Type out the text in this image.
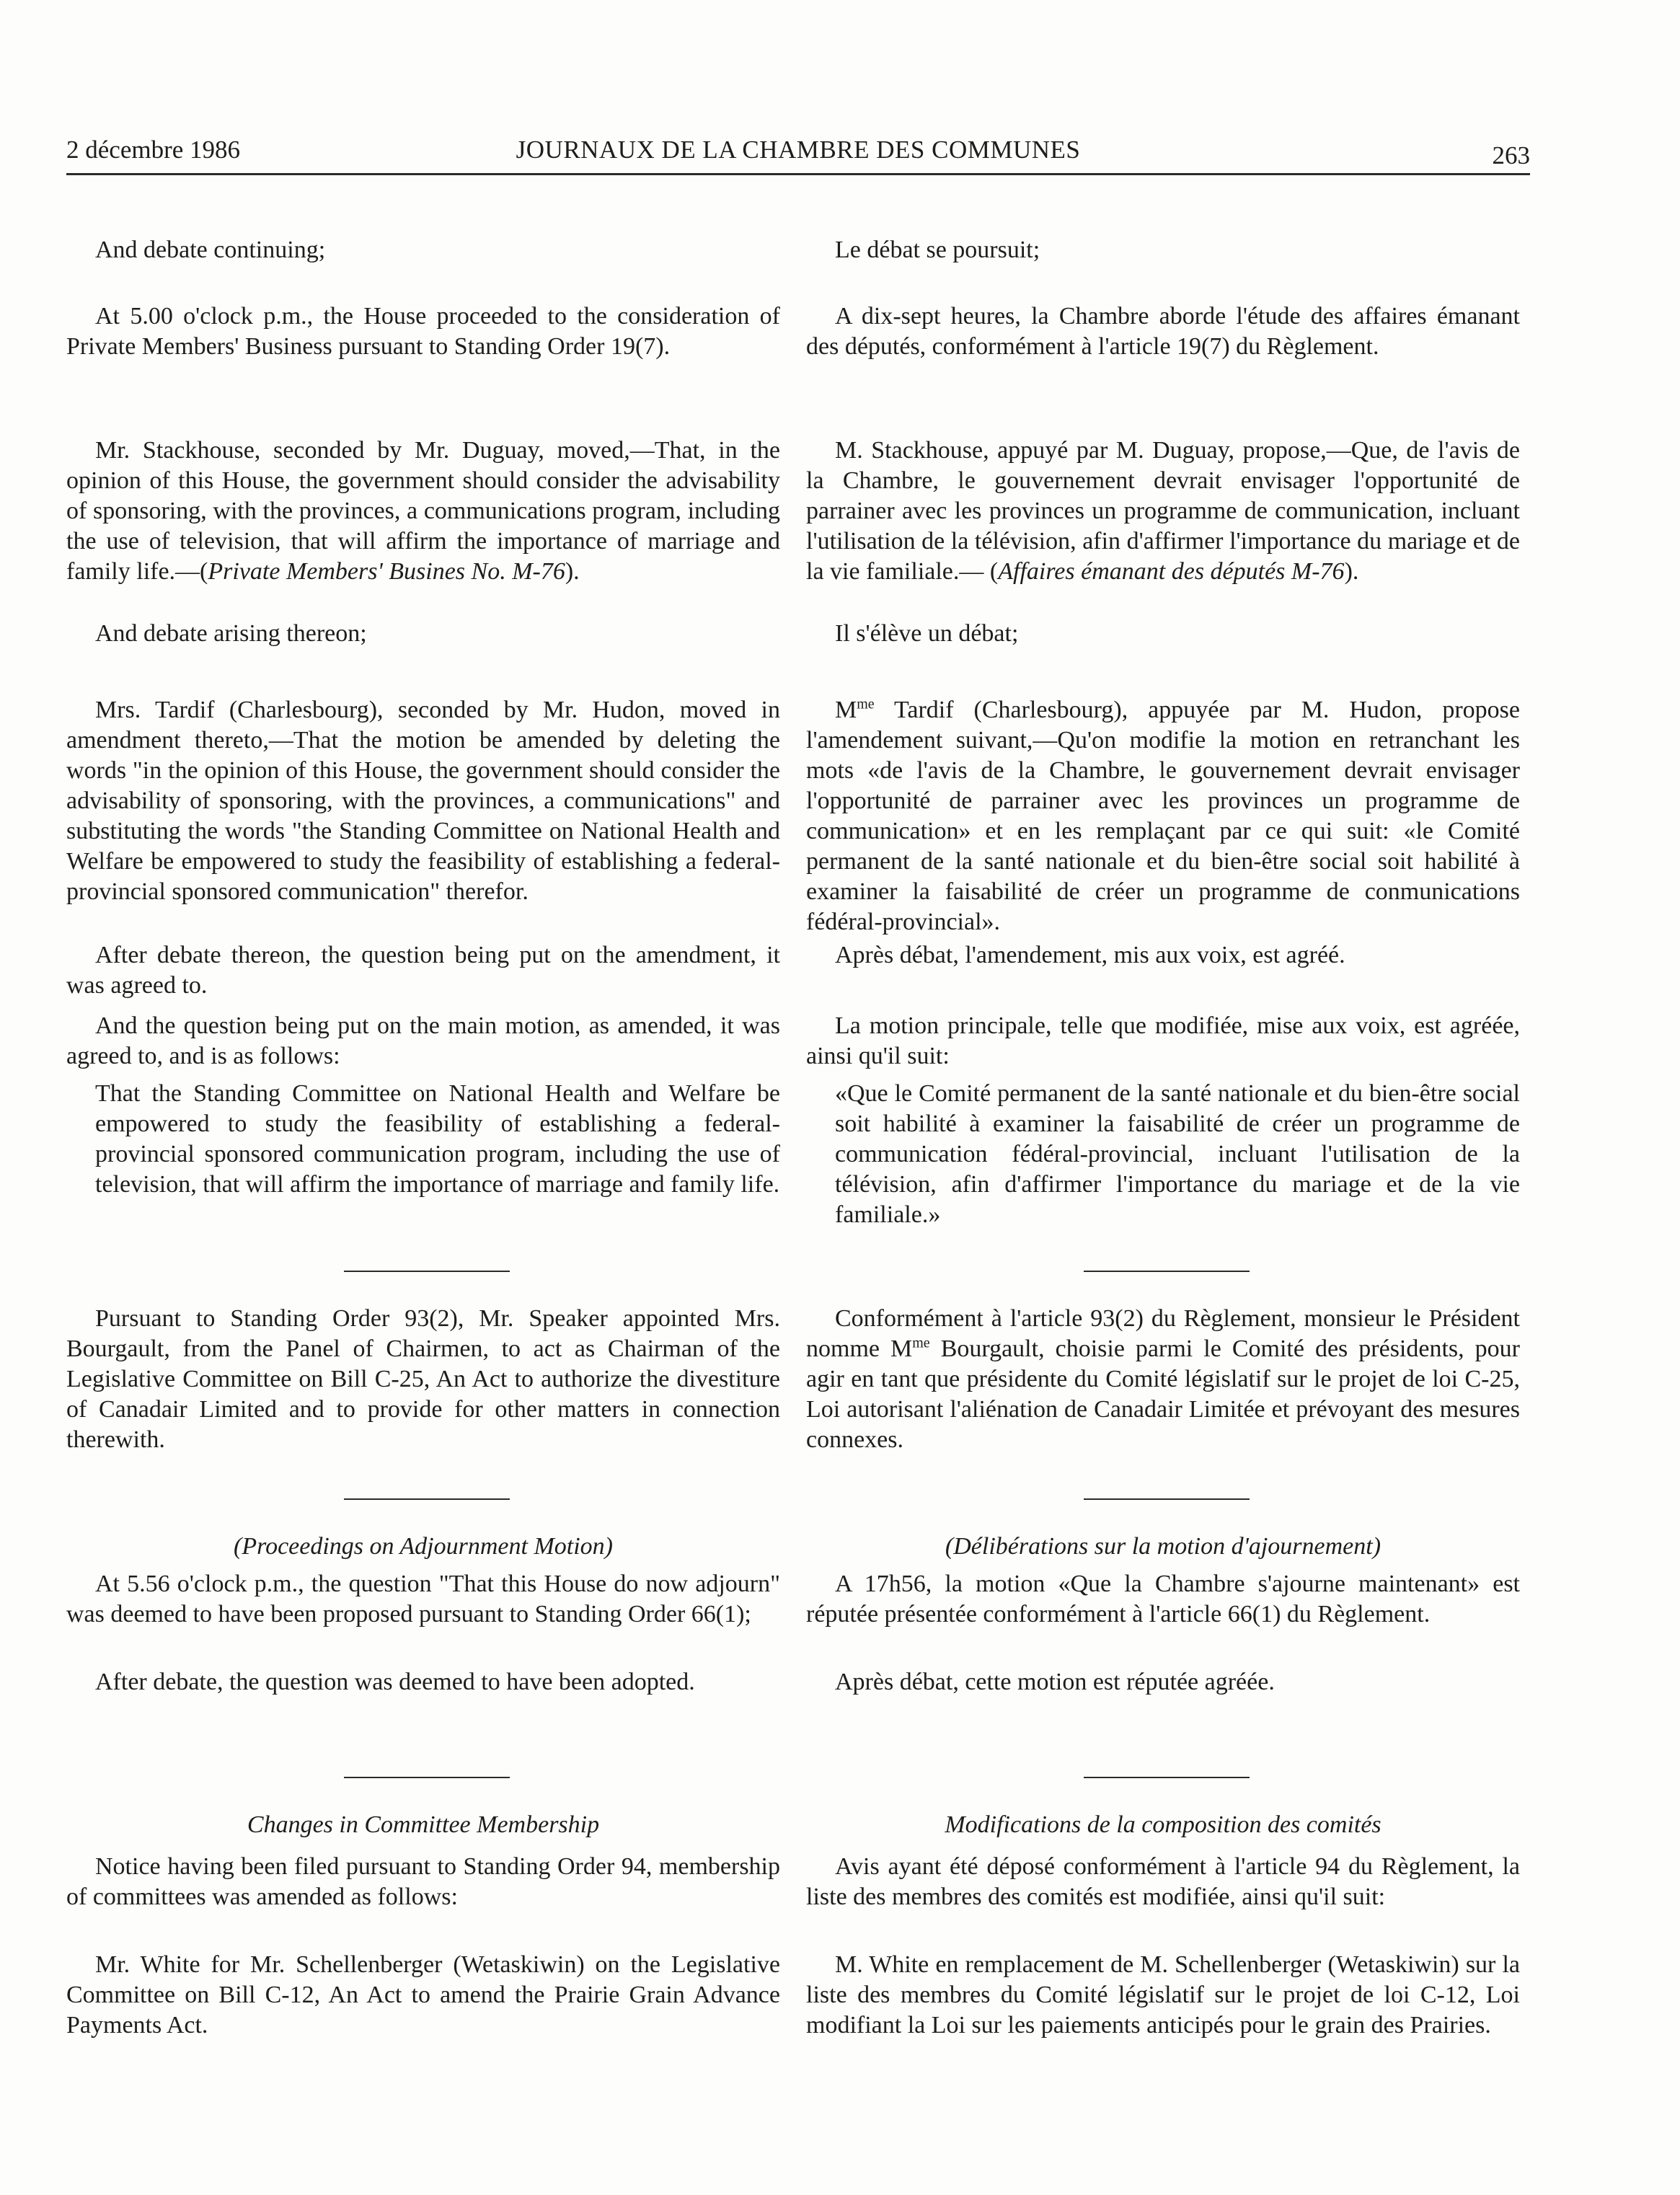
2 décembre 1986	JOURNAUX DE LA CHAMBRE DES COMMUNES	263

And debate continuing;

At 5.00 o'clock p.m., the House proceeded to the consideration of Private Members' Business pursuant to Standing Order 19(7).

Mr. Stackhouse, seconded by Mr. Duguay, moved,—That, in the opinion of this House, the government should consider the advisability of sponsoring, with the provinces, a communications program, including the use of television, that will affirm the importance of marriage and family life.—(Private Members' Busines No. M-76).

And debate arising thereon;

Mrs. Tardif (Charlesbourg), seconded by Mr. Hudon, moved in amendment thereto,—That the motion be amended by deleting the words "in the opinion of this House, the government should consider the advisability of sponsoring, with the provinces, a communications" and substituting the words "the Standing Committee on National Health and Welfare be empowered to study the feasibility of establishing a federal-provincial sponsored communication" therefor.

After debate thereon, the question being put on the amendment, it was agreed to.

And the question being put on the main motion, as amended, it was agreed to, and is as follows:

That the Standing Committee on National Health and Welfare be empowered to study the feasibility of establishing a federal-provincial sponsored communication program, including the use of television, that will affirm the importance of marriage and family life.

Pursuant to Standing Order 93(2), Mr. Speaker appointed Mrs. Bourgault, from the Panel of Chairmen, to act as Chairman of the Legislative Committee on Bill C-25, An Act to authorize the divestiture of Canadair Limited and to provide for other matters in connection therewith.

(Proceedings on Adjournment Motion)

At 5.56 o'clock p.m., the question "That this House do now adjourn" was deemed to have been proposed pursuant to Standing Order 66(1);

After debate, the question was deemed to have been adopted.

Changes in Committee Membership

Notice having been filed pursuant to Standing Order 94, membership of committees was amended as follows:

Mr. White for Mr. Schellenberger (Wetaskiwin) on the Legislative Committee on Bill C-12, An Act to amend the Prairie Grain Advance Payments Act.

Le débat se poursuit;

A dix-sept heures, la Chambre aborde l'étude des affaires émanant des députés, conformément à l'article 19(7) du Règlement.

M. Stackhouse, appuyé par M. Duguay, propose,—Que, de l'avis de la Chambre, le gouvernement devrait envisager l'opportunité de parrainer avec les provinces un programme de communication, incluant l'utilisation de la télévision, afin d'affirmer l'importance du mariage et de la vie familiale.— (Affaires émanant des députés M-76).

Il s'élève un débat;

$M^{me}$ Tardif (Charlesbourg), appuyée par M. Hudon, propose l'amendement suivant,—Qu'on modifie la motion en retranchant les mots «de l'avis de la Chambre, le gouvernement devrait envisager l'opportunité de parrainer avec les provinces un programme de communication» et en les remplaçant par ce qui suit: «le Comité permanent de la santé nationale et du bien-être social soit habilité à examiner la faisabilité de créer un programme de conmunications fédéral-provincial».

Après débat, l'amendement, mis aux voix, est agréé.

La motion principale, telle que modifiée, mise aux voix, est agréée, ainsi qu'il suit:

«Que le Comité permanent de la santé nationale et du bien-être social soit habilité à examiner la faisabilité de créer un programme de communication fédéral-provincial, incluant l'utilisation de la télévision, afin d'affirmer l'importance du mariage et de la vie familiale.»

Conformément à l'article 93(2) du Règlement, monsieur le Président nomme $M^{me}$ Bourgault, choisie parmi le Comité des présidents, pour agir en tant que présidente du Comité législatif sur le projet de loi C-25, Loi autorisant l'aliénation de Canadair Limitée et prévoyant des mesures connexes.

(Délibérations sur la motion d'ajournement)

A 17h56, la motion «Que la Chambre s'ajourne maintenant» est réputée présentée conformément à l'article 66(1) du Règlement.

Après débat, cette motion est réputée agréée.

Modifications de la composition des comités

Avis ayant été déposé conformément à l'article 94 du Règlement, la liste des membres des comités est modifiée, ainsi qu'il suit:

M. White en remplacement de M. Schellenberger (Wetaskiwin) sur la liste des membres du Comité législatif sur le projet de loi C-12, Loi modifiant la Loi sur les paiements anticipés pour le grain des Prairies.
